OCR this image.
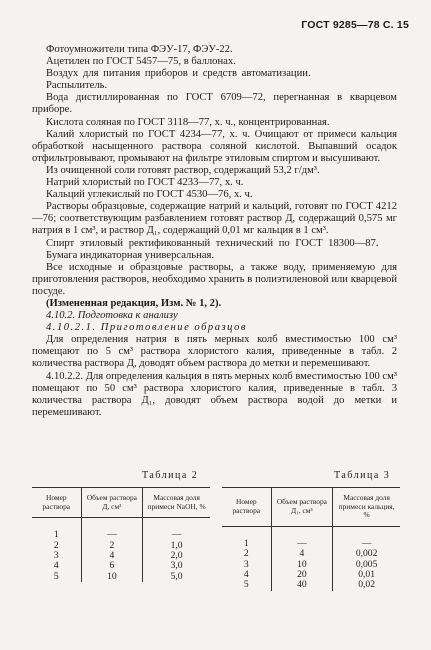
ГОСТ 9285—78 С. 15
Фотоумножители типа ФЭУ-17, ФЭУ-22.
Ацетилен по ГОСТ 5457—75, в баллонах.
Воздух для питания приборов и средств автоматизации.
Распылитель.
Вода дистиллированная по ГОСТ 6709—72, перегнанная в кварцевом приборе.
Кислота соляная по ГОСТ 3118—77, х. ч., концентрированная.
Калий хлористый по ГОСТ 4234—77, х. ч. Очищают от примеси кальция обработкой насыщенного раствора соляной кислотой. Выпавший осадок отфильтровывают, промывают на фильтре этиловым спиртом и высушивают.
Из очищенной соли готовят раствор, содержащий 53,2 г/дм³.
Натрий хлористый по ГОСТ 4233—77, х. ч.
Кальций углекислый по ГОСТ 4530—76, х. ч.
Растворы образцовые, содержащие натрий и кальций, готовят по ГОСТ 4212—76; соответствующим разбавлением готовят раствор Д, содержащий 0,575 мг натрия в 1 см³, и раствор Д₁, содержащий 0,01 мг кальция в 1 см³.
Спирт этиловый ректификованный технический по ГОСТ 18300—87.
Бумага индикаторная универсальная.
Все исходные и образцовые растворы, а также воду, применяемую для приготовления растворов, необходимо хранить в полиэтиленовой или кварцевой посуде.
(Измененная редакция, Изм. № 1, 2).
4.10.2. Подготовка к анализу
4.10.2.1. Приготовление образцов
Для определения натрия в пять мерных колб вместимостью 100 см³ помещают по 5 см³ раствора хлористого калия, приведенные в табл. 2 количества раствора Д, доводят объем раствора до метки и перемешивают.
4.10.2.2. Для определения кальция в пять мерных колб вместимостью 100 см³ помещают по 50 см³ раствора хлористого калия, приведенные в табл. 3 количества раствора Д₁, доводят объем раствора водой до метки и перемешивают.
Таблица 2
Номер раствора	Объем раствора Д, см³	Массовая доля примеси NaOH, %
1	—	—
2	2	1,0
3	4	2,0
4	6	3,0
5	10	5,0
Таблица 3
Номер раствора	Объем раствора Д₁, см³	Массовая доля примеси кальция, %
1	—	—
2	4	0,002
3	10	0,005
4	20	0,01
5	40	0,02
